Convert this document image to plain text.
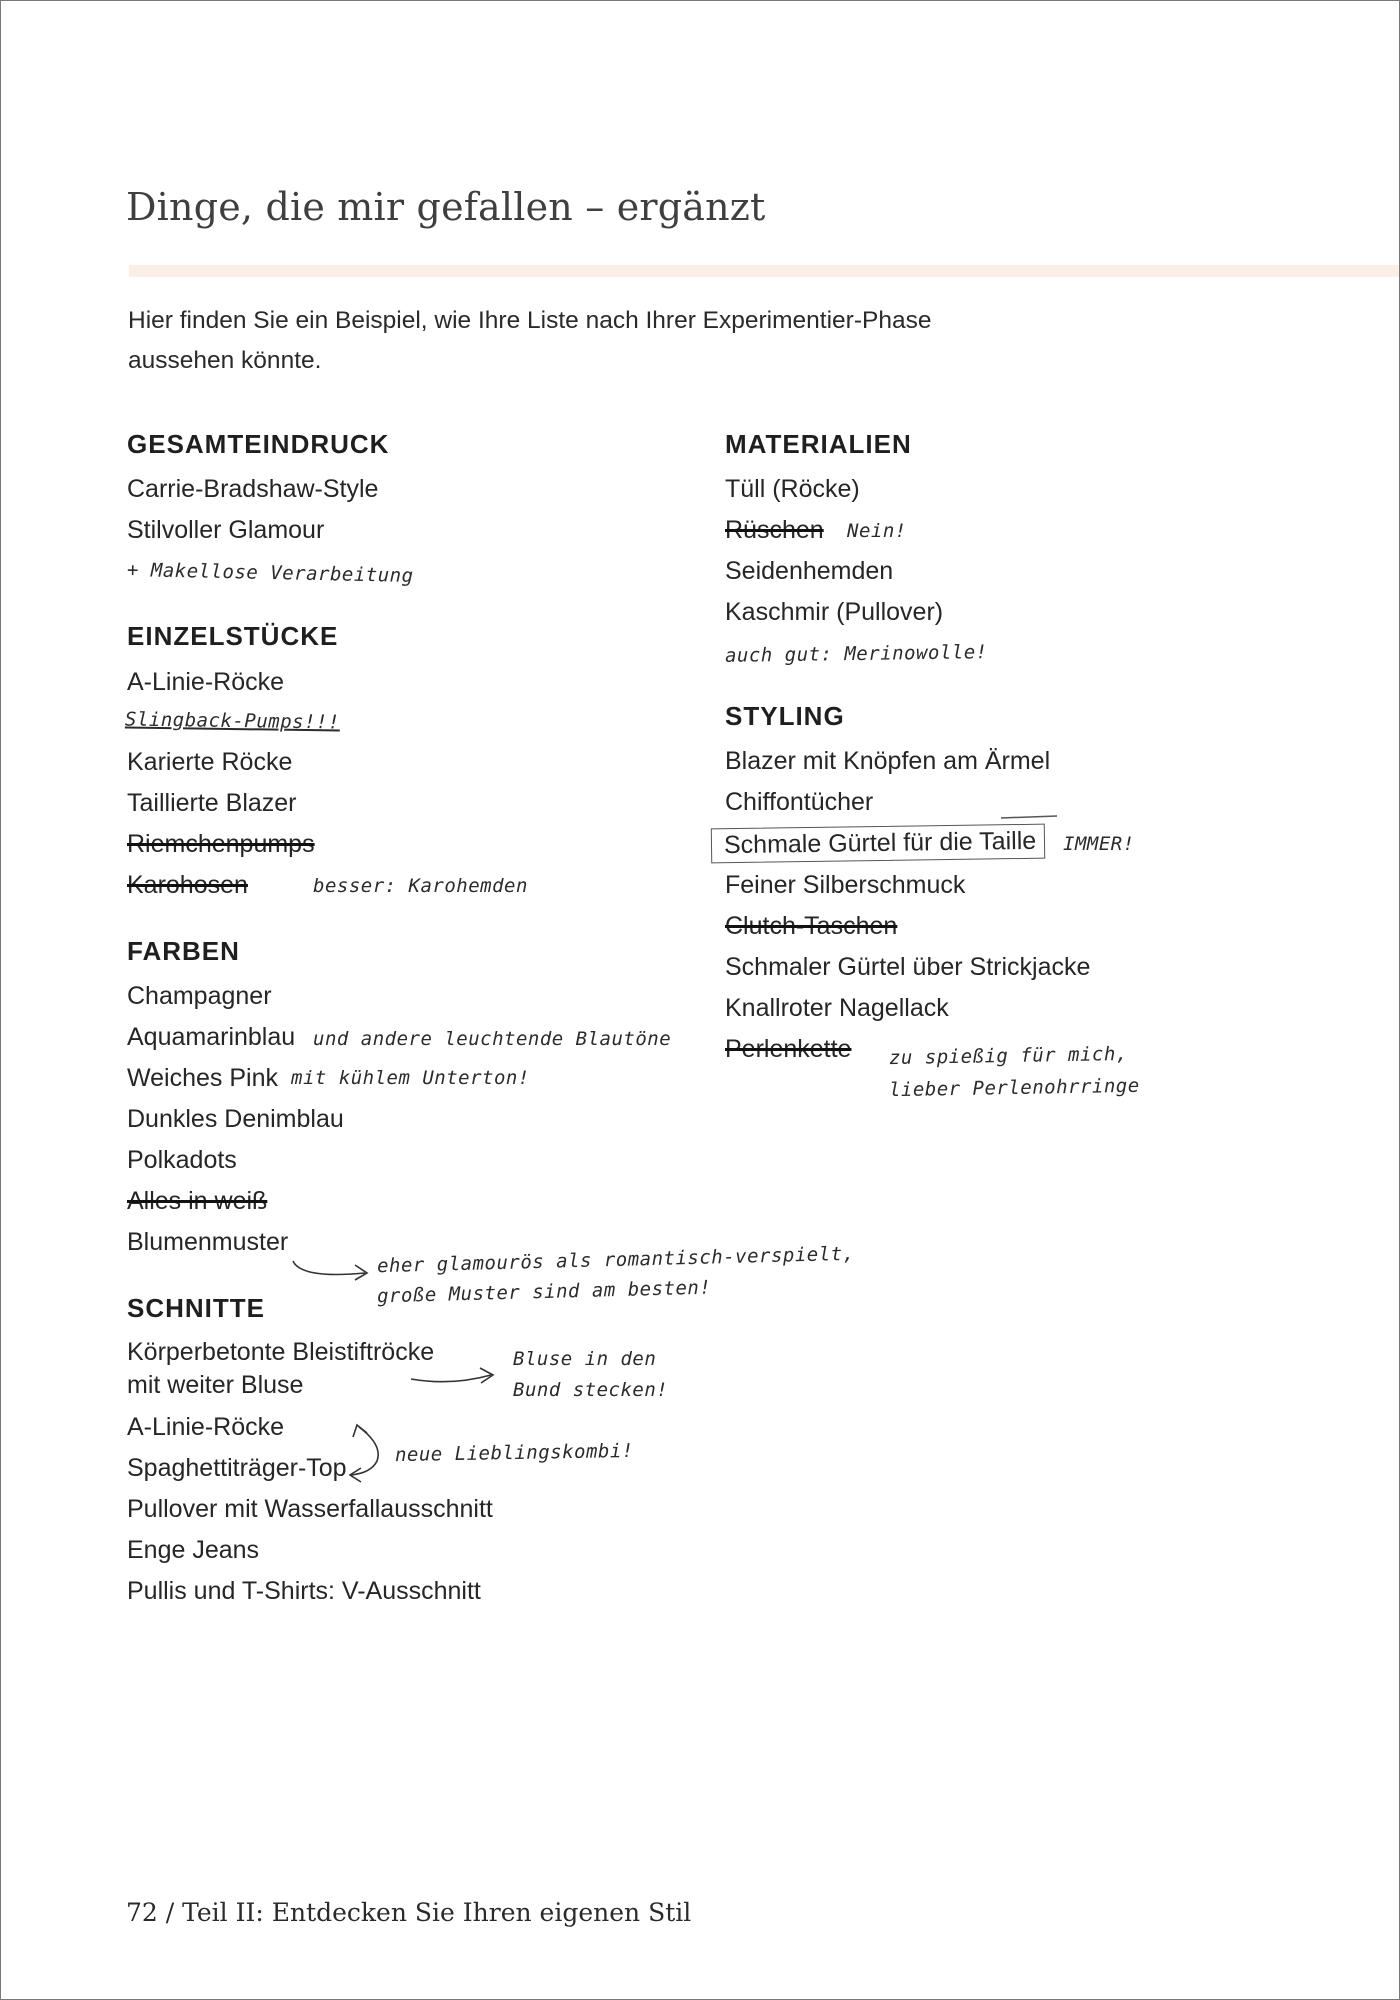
Dinge, die mir gefallen – ergänzt

Hier finden Sie ein Beispiel, wie Ihre Liste nach Ihrer Experimentier-Phase
aussehen könnte.

GESAMTEINDRUCK
Carrie-Bradshaw-Style
Stilvoller Glamour
+ Makellose Verarbeitung
EINZELSTÜCKE
A-Linie-Röcke
Slingback-Pumps!!!
Karierte Röcke
Taillierte Blazer
Riemchenpumps
Karohosen	besser: Karohemden
FARBEN
Champagner
Aquamarinblau und andere leuchtende Blautöne
Weiches Pink mit kühlem Unterton!
Dunkles Denimblau
Polkadots
Alles in weiß
Blumenmuster
eher glamourös als romantisch-verspielt,
große Muster sind am besten!
SCHNITTE
Körperbetonte Bleistiftröcke
mit weiter Bluse
Bluse in den
Bund stecken!
A-Linie-Röcke
Spaghettiträger-Top
neue Lieblingskombi!
Pullover mit Wasserfallausschnitt
Enge Jeans
Pullis und T-Shirts: V-Ausschnitt
MATERIALIEN
Tüll (Röcke)
Rüschen Nein!
Seidenhemden
Kaschmir (Pullover)
auch gut: Merinowolle!
STYLING
Blazer mit Knöpfen am Ärmel
Chiffontücher
Schmale Gürtel für die Taille	IMMER!
Feiner Silberschmuck
Clutch-Taschen
Schmaler Gürtel über Strickjacke
Knallroter Nagellack
Perlenkette zu spießig für mich,
lieber Perlenohrringe
72 / Teil II: Entdecken Sie Ihren eigenen Stil
